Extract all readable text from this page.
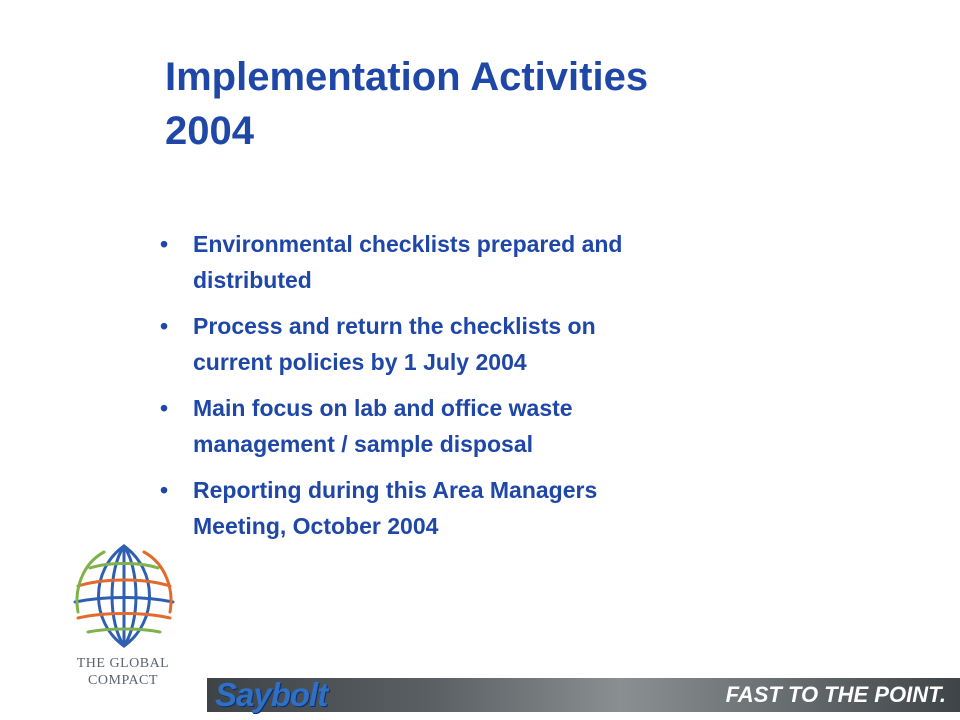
Implementation Activities
2004
• Environmental checklists prepared and
distributed
• Process and return the checklists on
current policies by 1 July 2004
• Main focus on lab and office waste
management / sample disposal
• Reporting during this Area Managers
Meeting, October 2004
THE GLOBAL
COMPACT	Saybolt	FAST TO THE POINT.
